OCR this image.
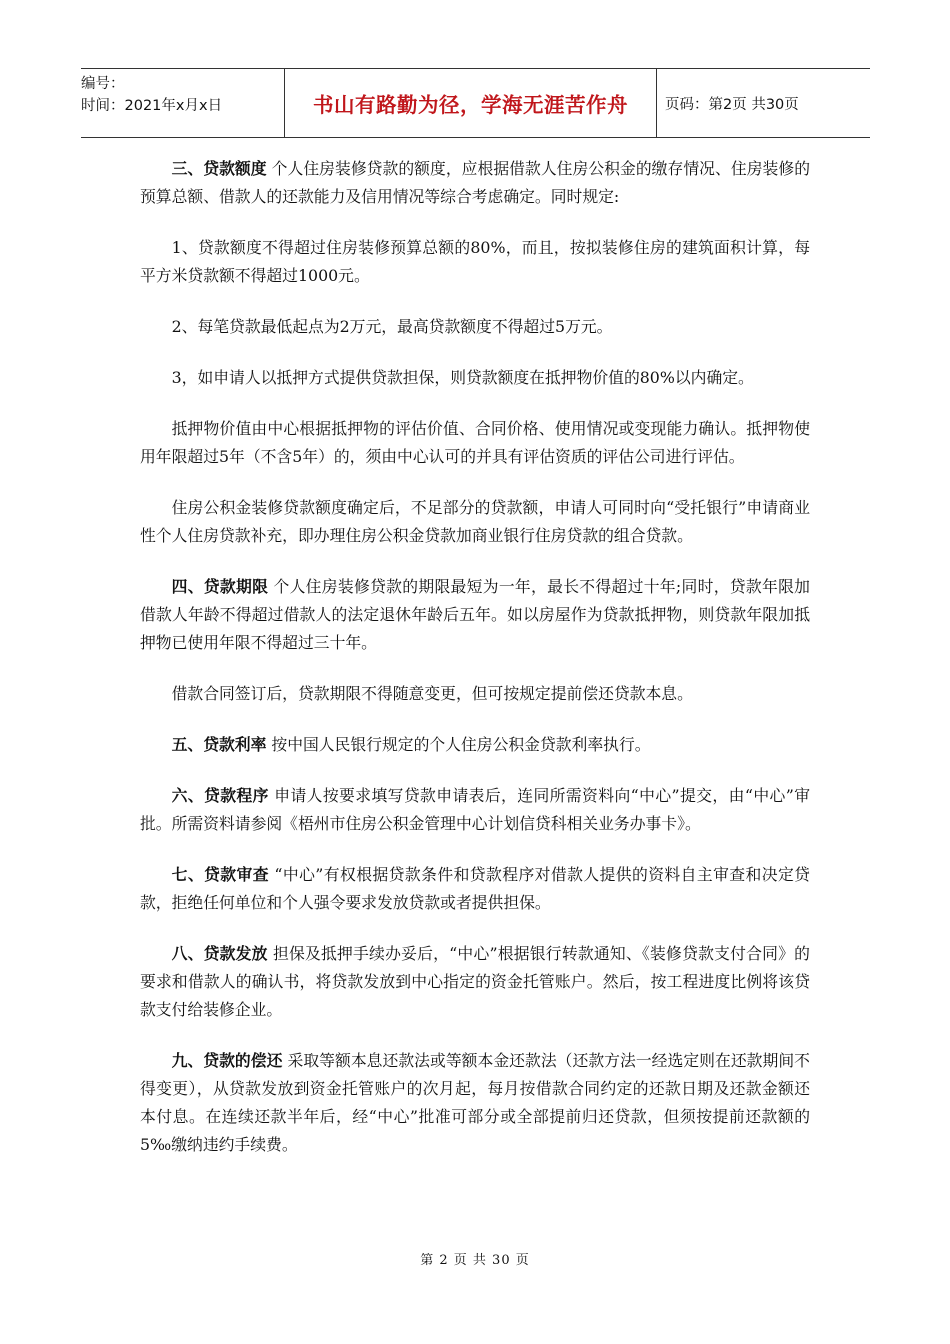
编号：
时间：2021年x月x日	书山有路勤为径，学海无涯苦作舟	页码：第2页 共30页

三、贷款额度 个人住房装修贷款的额度，应根据借款人住房公积金的缴存情况、住房装修的预算总额、借款人的还款能力及信用情况等综合考虑确定。同时规定:

1、贷款额度不得超过住房装修预算总额的80%，而且，按拟装修住房的建筑面积计算，每平方米贷款额不得超过1000元。

2、每笔贷款最低起点为2万元，最高贷款额度不得超过5万元。

3，如申请人以抵押方式提供贷款担保，则贷款额度在抵押物价值的80%以内确定。

抵押物价值由中心根据抵押物的评估价值、合同价格、使用情况或变现能力确认。抵押物使用年限超过5年（不含5年）的，须由中心认可的并具有评估资质的评估公司进行评估。

住房公积金装修贷款额度确定后，不足部分的贷款额，申请人可同时向“受托银行”申请商业性个人住房贷款补充，即办理住房公积金贷款加商业银行住房贷款的组合贷款。

四、贷款期限 个人住房装修贷款的期限最短为一年，最长不得超过十年;同时，贷款年限加借款人年龄不得超过借款人的法定退休年龄后五年。如以房屋作为贷款抵押物，则贷款年限加抵押物已使用年限不得超过三十年。

借款合同签订后，贷款期限不得随意变更，但可按规定提前偿还贷款本息。

五、贷款利率 按中国人民银行规定的个人住房公积金贷款利率执行。

六、贷款程序 申请人按要求填写贷款申请表后，连同所需资料向“中心”提交，由“中心”审批。所需资料请参阅《梧州市住房公积金管理中心计划信贷科相关业务办事卡》。

七、贷款审查 “中心”有权根据贷款条件和贷款程序对借款人提供的资料自主审查和决定贷款，拒绝任何单位和个人强令要求发放贷款或者提供担保。

八、贷款发放 担保及抵押手续办妥后，“中心”根据银行转款通知、《装修贷款支付合同》的要求和借款人的确认书，将贷款发放到中心指定的资金托管账户。然后，按工程进度比例将该贷款支付给装修企业。

九、贷款的偿还 采取等额本息还款法或等额本金还款法（还款方法一经选定则在还款期间不得变更），从贷款发放到资金托管账户的次月起，每月按借款合同约定的还款日期及还款金额还本付息。在连续还款半年后，经“中心”批准可部分或全部提前归还贷款，但须按提前还款额的5‰缴纳违约手续费。

第 2 页 共 30 页
